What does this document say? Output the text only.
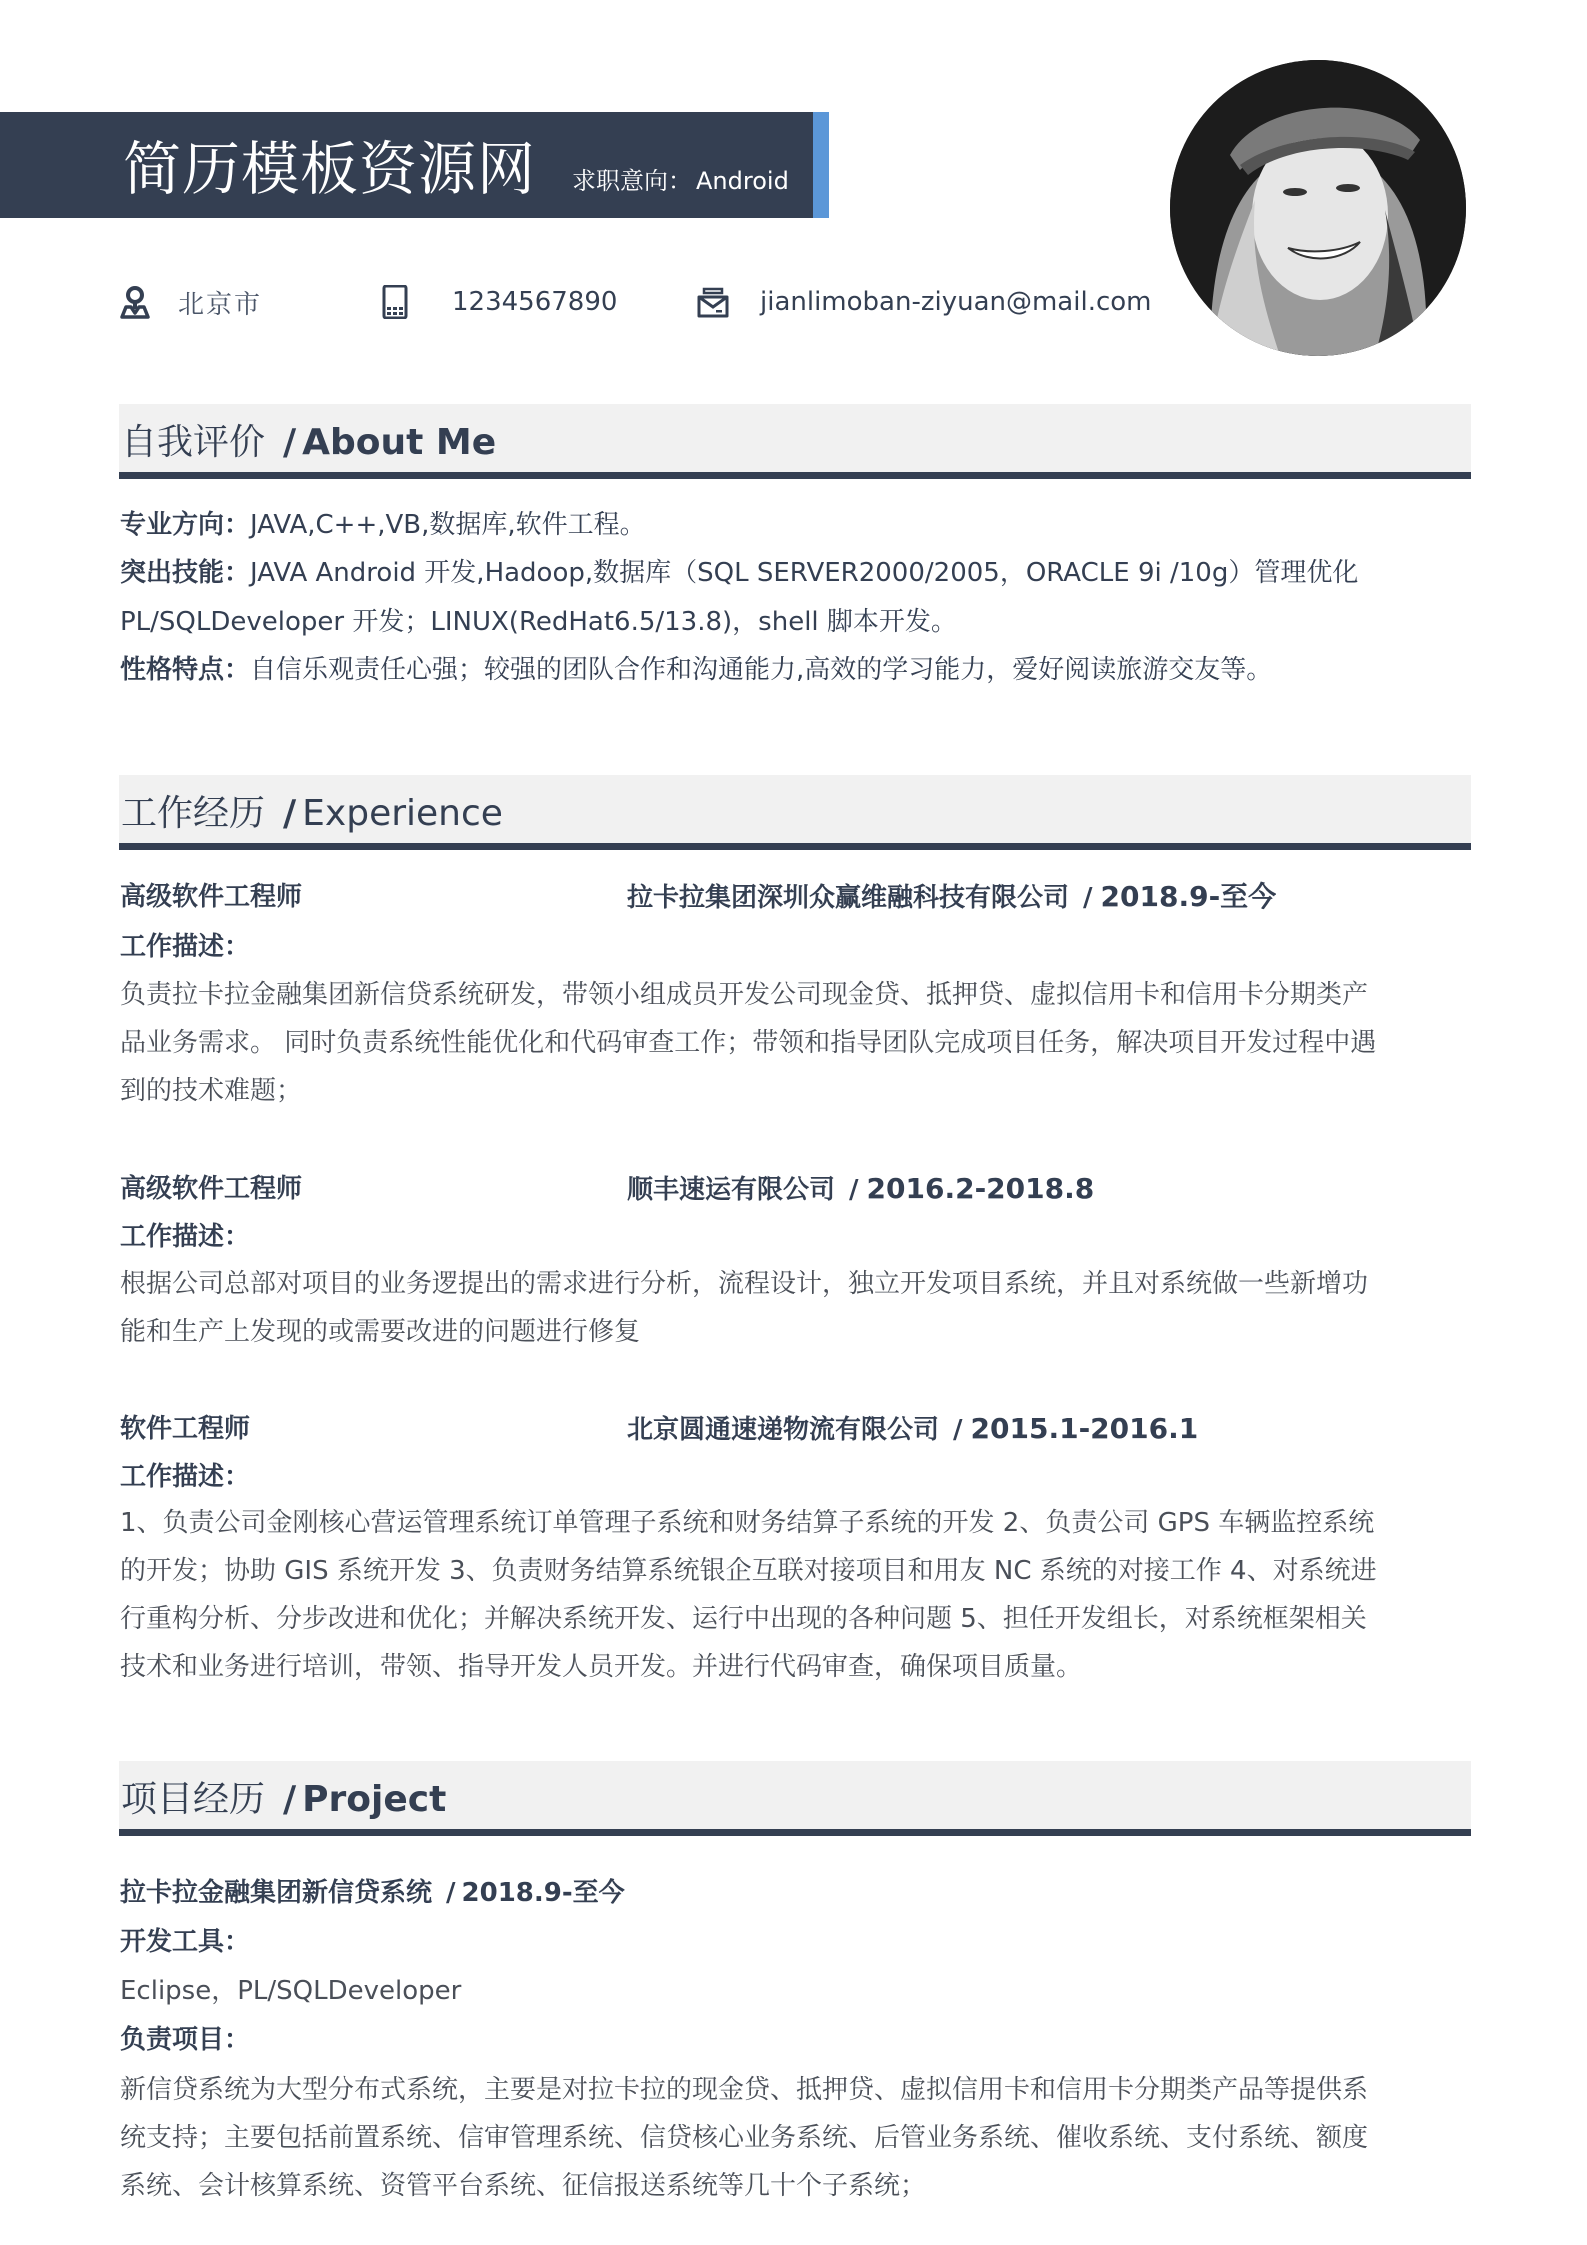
简历模板资源网 求职意向： Android
北京市	1234567890	jianlimoban-ziyuan@mail.com
自我评价 / About Me
专业方向：JAVA,C++,VB,数据库,软件工程。
突出技能：JAVA Android 开发,Hadoop,数据库（SQL SERVER2000/2005，ORACLE 9i /10g）管理优化
PL/SQLDeveloper 开发；LINUX(RedHat6.5/13.8)，shell 脚本开发。
性格特点：自信乐观责任心强；较强的团队合作和沟通能力,高效的学习能力，爱好阅读旅游交友等。
工作经历 / Experience
高级软件工程师	拉卡拉集团深圳众赢维融科技有限公司 / 2018.9-至今
工作描述：
负责拉卡拉金融集团新信贷系统研发，带领小组成员开发公司现金贷、抵押贷、虚拟信用卡和信用卡分期类产
品业务需求。 同时负责系统性能优化和代码审查工作；带领和指导团队完成项目任务，解决项目开发过程中遇
到的技术难题；
高级软件工程师	顺丰速运有限公司 / 2016.2-2018.8
工作描述：
根据公司总部对项目的业务逻提出的需求进行分析，流程设计，独立开发项目系统，并且对系统做一些新增功
能和生产上发现的或需要改进的问题进行修复
软件工程师	北京圆通速递物流有限公司 / 2015.1-2016.1
工作描述：
1、负责公司金刚核心营运管理系统订单管理子系统和财务结算子系统的开发 2、负责公司 GPS 车辆监控系统
的开发；协助 GIS 系统开发 3、负责财务结算系统银企互联对接项目和用友 NC 系统的对接工作 4、对系统进
行重构分析、分步改进和优化；并解决系统开发、运行中出现的各种问题 5、担任开发组长，对系统框架相关
技术和业务进行培训，带领、指导开发人员开发。并进行代码审查，确保项目质量。
项目经历 / Project
拉卡拉金融集团新信贷系统 / 2018.9-至今
开发工具：
Eclipse，PL/SQLDeveloper
负责项目：
新信贷系统为大型分布式系统，主要是对拉卡拉的现金贷、抵押贷、虚拟信用卡和信用卡分期类产品等提供系
统支持；主要包括前置系统、信审管理系统、信贷核心业务系统、后管业务系统、催收系统、支付系统、额度
系统、会计核算系统、资管平台系统、征信报送系统等几十个子系统；
